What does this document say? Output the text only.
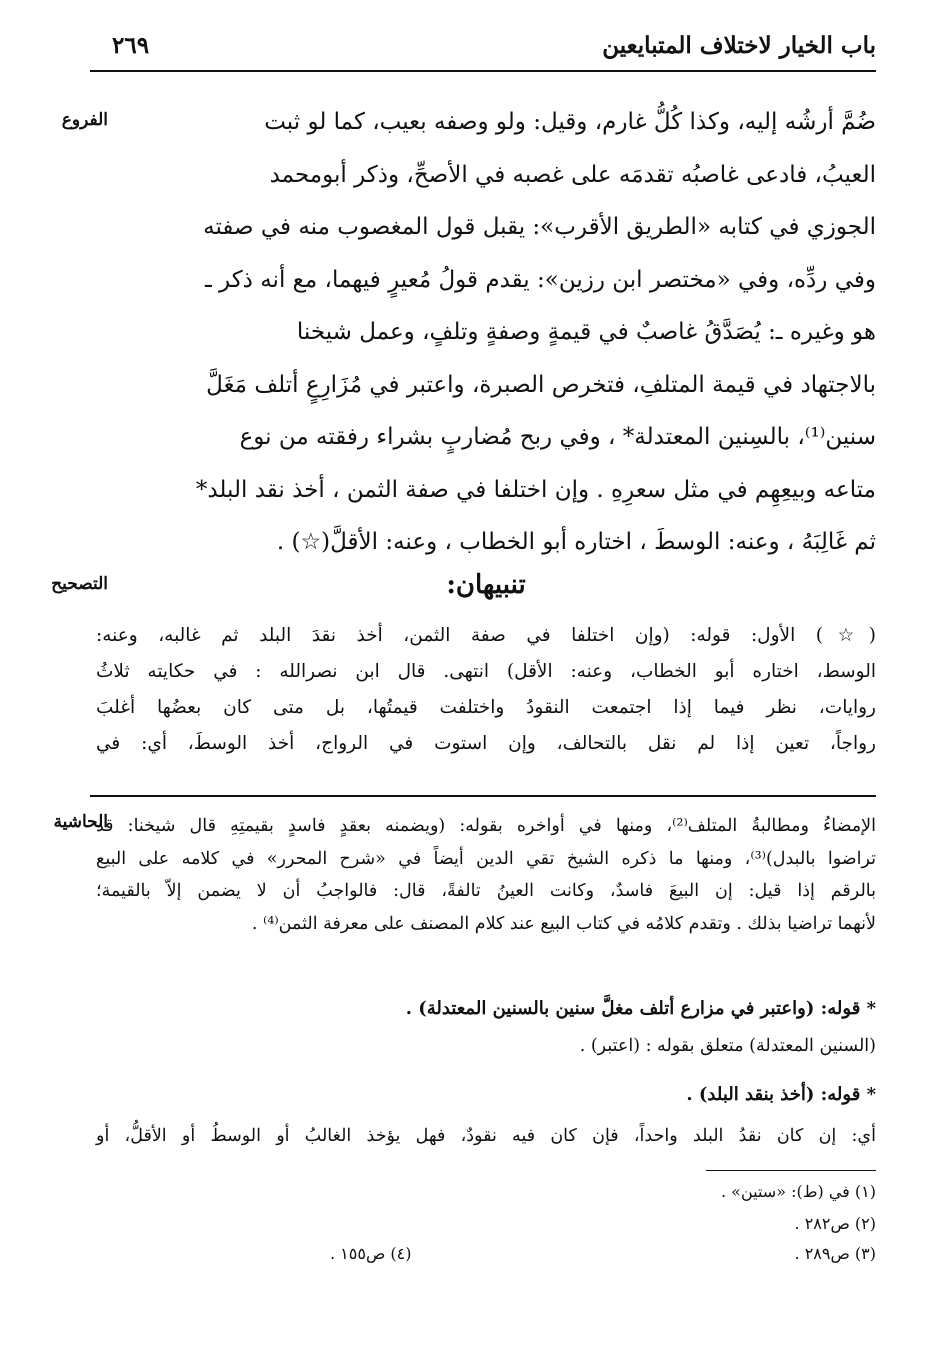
باب الخيار لاختلاف المتبايعين
٢٦٩
الفروع
التصحيح
الحاشية
ضُمَّ أرشُه إليه، وكذا كُلُّ غارم، وقيل: ولو وصفه بعيب، كما لو ثبت
العيبُ، فادعى غاصبُه تقدمَه على غصبه في الأصحِّ، وذكر أبومحمد
الجوزي في كتابه «الطريق الأقرب»: يقبل قول المغصوب منه في صفته
وفي ردِّه، وفي «مختصر ابن رزين»: يقدم قولُ مُعيرٍ فيهما، مع أنه ذكر ـ
هو وغيره ـ: يُصَدَّقُ غاصبٌ في قيمةٍ وصفةٍ وتلفٍ، وعمل شيخنا
بالاجتهاد في قيمة المتلفِ، فتخرص الصبرة، واعتبر في مُزَارِعٍ أتلف مَغَلَّ
سنين⁽¹⁾، بالسِنين المعتدلة* ، وفي ربح مُضاربٍ بشراء رفقته من نوع
متاعه وبيعِهِم في مثل سعرِهِ . وإن اختلفا في صفة الثمن ، أخذ نقد البلد*
ثم غَالِبَهُ ، وعنه: الوسطَ ، اختاره أبو الخطاب ، وعنه: الأقلَّ(☆) .
تنبيهان:
(☆) الأول: قوله: (وإن اختلفا في صفة الثمن، أخذ نقدَ البلد ثم غالبه، وعنه:
الوسط، اختاره أبو الخطاب، وعنه: الأقل) انتهى. قال ابن نصرالله : في حكايته ثلاثُ
روايات، نظر فيما إذا اجتمعت النقودُ واختلفت قيمتُها، بل متى كان بعضُها أغلبَ
رواجاً، تعين إذا لم نقل بالتحالف، وإن استوت في الرواج، أخذ الوسطَ، أي: في
الإمضاءُ ومطالبةُ المتلف⁽²⁾، ومنها في أواخره بقوله: (ويضمنه بعقدٍ فاسدٍ بقيمتِهِ قال شيخنا: قد
تراضوا بالبدل)⁽³⁾، ومنها ما ذكره الشيخ تقي الدين أيضاً في «شرح المحرر» في كلامه على البيع
بالرقم إذا قيل: إن البيعَ فاسدٌ، وكانت العينُ تالفةً، قال: فالواجبُ أن لا يضمن إلاّ بالقيمة؛
لأنهما تراضيا بذلك . وتقدم كلامُه في كتاب البيع عند كلام المصنف على معرفة الثمن⁽⁴⁾ .
* قوله: (واعتبر في مزارع أتلف مغلَّ سنين بالسنين المعتدلة) .
(السنين المعتدلة) متعلق بقوله : (اعتبر) .
* قوله: (أخذ بنقد البلد) .
أي: إن كان نقدُ البلد واحداً، فإن كان فيه نقودٌ، فهل يؤخذ الغالبُ أو الوسطُ أو الأقلُّ، أو
(١) في (ط): «ستين» .
(٢) ص٢٨٢ .
(٤) ص١٥٥ .	(٣) ص٢٨٩ .
